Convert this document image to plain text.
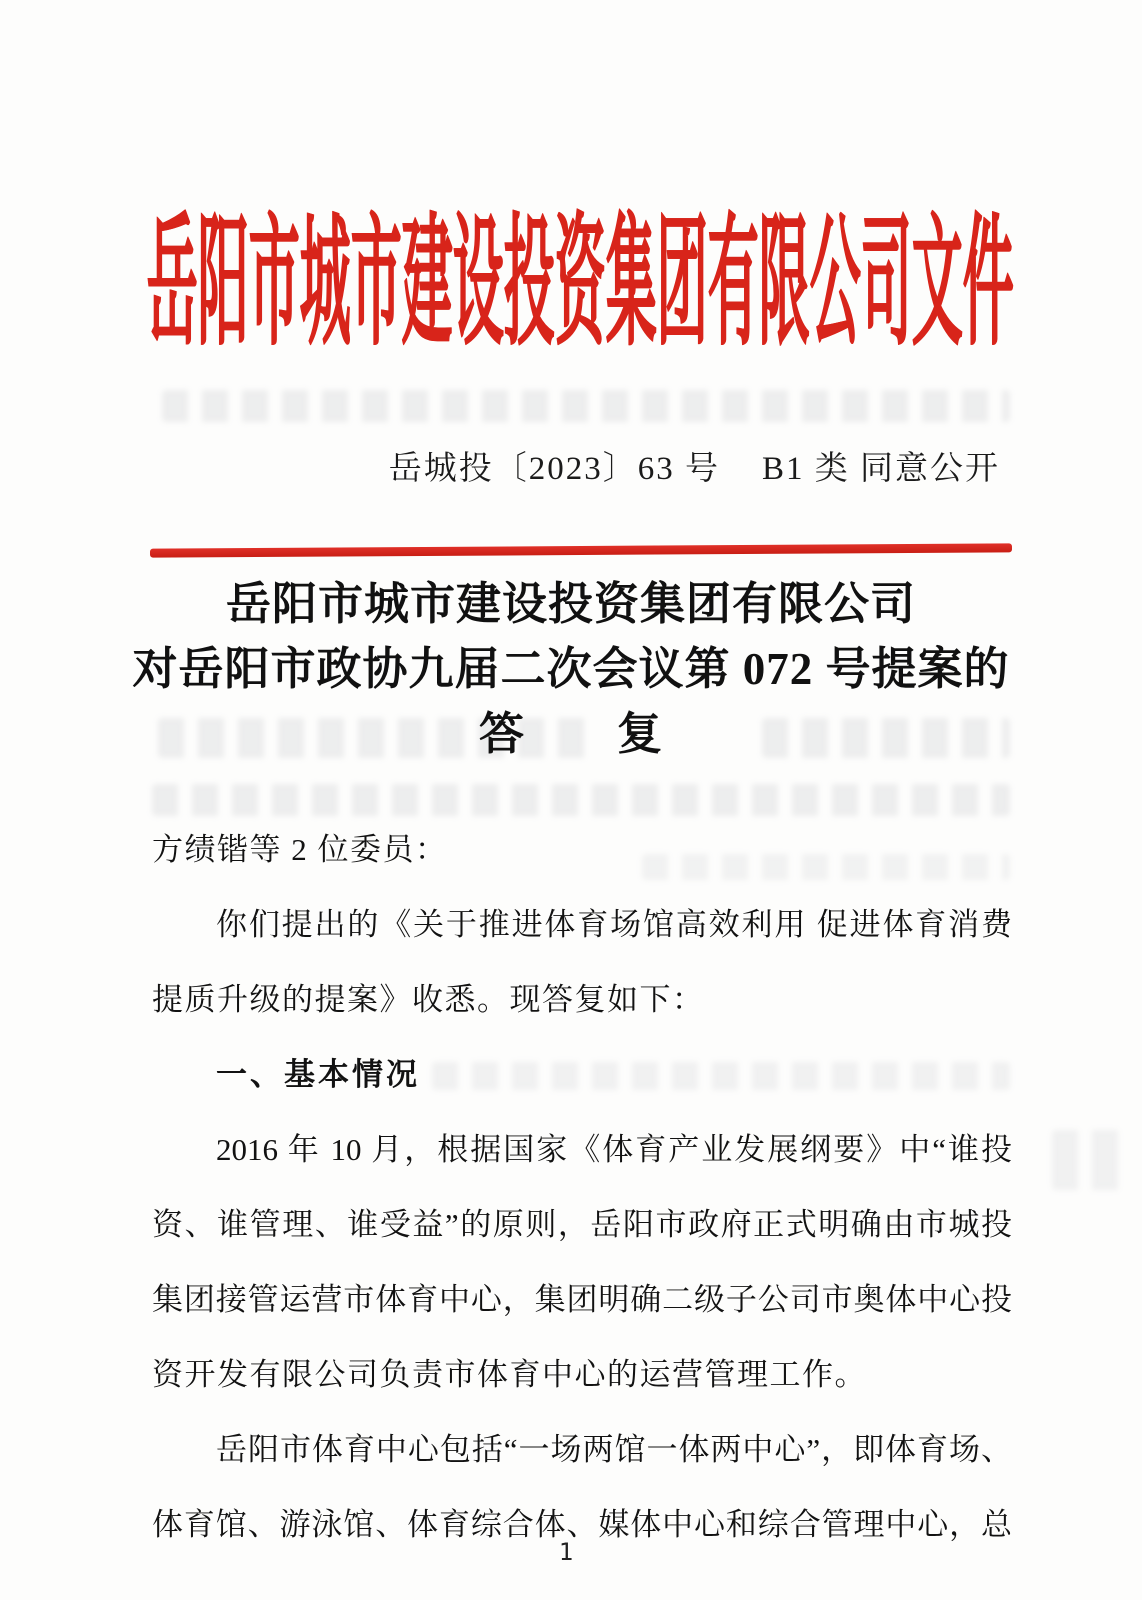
岳阳市城市建设投资集团有限公司文件
岳城投〔2023〕63 号 B1 类 同意公开
岳阳市城市建设投资集团有限公司
对岳阳市政协九届二次会议第 072 号提案的
答　　复
方绩锴等 2 位委员：
你们提出的《关于推进体育场馆高效利用 促进体育消费
提质升级的提案》收悉。现答复如下：
一、基本情况
2016 年 10 月，根据国家《体育产业发展纲要》中“谁投
资、谁管理、谁受益”的原则，岳阳市政府正式明确由市城投
集团接管运营市体育中心，集团明确二级子公司市奥体中心投
资开发有限公司负责市体育中心的运营管理工作。
岳阳市体育中心包括“一场两馆一体两中心”，即体育场、
体育馆、游泳馆、体育综合体、媒体中心和综合管理中心，总
1
